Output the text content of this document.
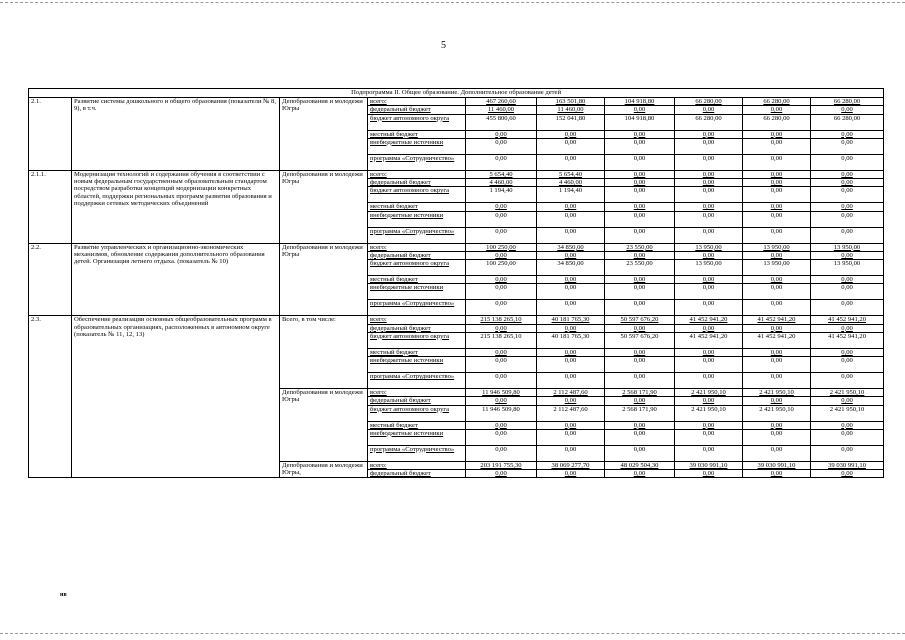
5
Подпрограмма II. Общее образование. Дополнительное образование детей									
2.1.	Развитие системы дошкольного и общего образования (показатели № 8, 9), в т.ч.	Депобразования и молодежи Югры	всего:	467 260,60	163 501,80	104 918,80	66 280,00	66 280,00	66 280,00
			федеральный бюджет	11 460,00	11 460,00	0,00	0,00	0,00	0,00
			бюджет автономного округа	455 800,60	152 041,80	104 918,80	66 280,00	66 280,00	66 280,00
			местный бюджет	0,00	0,00	0,00	0,00	0,00	0,00
			внебюджетные источники	0,00	0,00	0,00	0,00	0,00	0,00
			программа «Сотрудничество»	0,00	0,00	0,00	0,00	0,00	0,00
2.1.1.	Модернизация технологий и содержания обучения в соответствии с новым федеральным государственным образовательным стандартом посредством разработки концепций модернизации конкретных областей, поддержки региональных программ развития образования и поддержки сетевых методических объединений	Депобразования и молодежи Югры	всего:	5 654,40	5 654,40	0,00	0,00	0,00	0,00
			федеральный бюджет	4 460,00	4 460,00	0,00	0,00	0,00	0,00
			бюджет автономного округа	1 194,40	1 194,40	0,00	0,00	0,00	0,00
			местный бюджет	0,00	0,00	0,00	0,00	0,00	0,00
			внебюджетные источники	0,00	0,00	0,00	0,00	0,00	0,00
			программа «Сотрудничество»	0,00	0,00	0,00	0,00	0,00	0,00
2.2.	Развитие управленческих и организационно-экономических механизмов, обновление содержания дополнительного образования детей. Организация летнего отдыха. (показатель № 10)	Депобразования и молодежи Югры	всего:	100 250,00	34 850,00	23 550,00	13 950,00	13 950,00	13 950,00
			федеральный бюджет	0,00	0,00	0,00	0,00	0,00	0,00
			бюджет автономного округа	100 250,00	34 850,00	23 550,00	13 950,00	13 950,00	13 950,00
			местный бюджет	0,00	0,00	0,00	0,00	0,00	0,00
			внебюджетные источники	0,00	0,00	0,00	0,00	0,00	0,00
			программа «Сотрудничество»	0,00	0,00	0,00	0,00	0,00	0,00
2.3.	Обеспечение реализации основных общеобразовательных программ в образовательных организациях, расположенных в автономном округе (показатель № 11, 12, 13)	Всего, в том числе:	всего:	215 138 265,10	40 181 765,30	50 597 676,20	41 452 941,20	41 452 941,20	41 452 941,20
			федеральный бюджет	0,00	0,00	0,00	0,00	0,00	0,00
			бюджет автономного округа	215 138 265,10	40 181 765,30	50 597 676,20	41 452 941,20	41 452 941,20	41 452 941,20
			местный бюджет	0,00	0,00	0,00	0,00	0,00	0,00
			внебюджетные источники	0,00	0,00	0,00	0,00	0,00	0,00
			программа «Сотрудничество»	0,00	0,00	0,00	0,00	0,00	0,00
		Депобразования и молодежи Югры	всего:	11 946 509,80	2 112 487,60	2 568 171,90	2 421 950,10	2 421 950,10	2 421 950,10
			федеральный бюджет	0,00	0,00	0,00	0,00	0,00	0,00
			бюджет автономного округа	11 946 509,80	2 112 487,60	2 568 171,90	2 421 950,10	2 421 950,10	2 421 950,10
			местный бюджет	0,00	0,00	0,00	0,00	0,00	0,00
			внебюджетные источники	0,00	0,00	0,00	0,00	0,00	0,00
			программа «Сотрудничество»	0,00	0,00	0,00	0,00	0,00	0,00
		Депобразования и молодежи Югры,	всего:	203 191 755,30	38 069 277,70	48 029 504,30	39 030 991,10	39 030 991,10	39 030 991,10
			федеральный бюджет	0,00	0,00	0,00	0,00	0,00	0,00
нв
